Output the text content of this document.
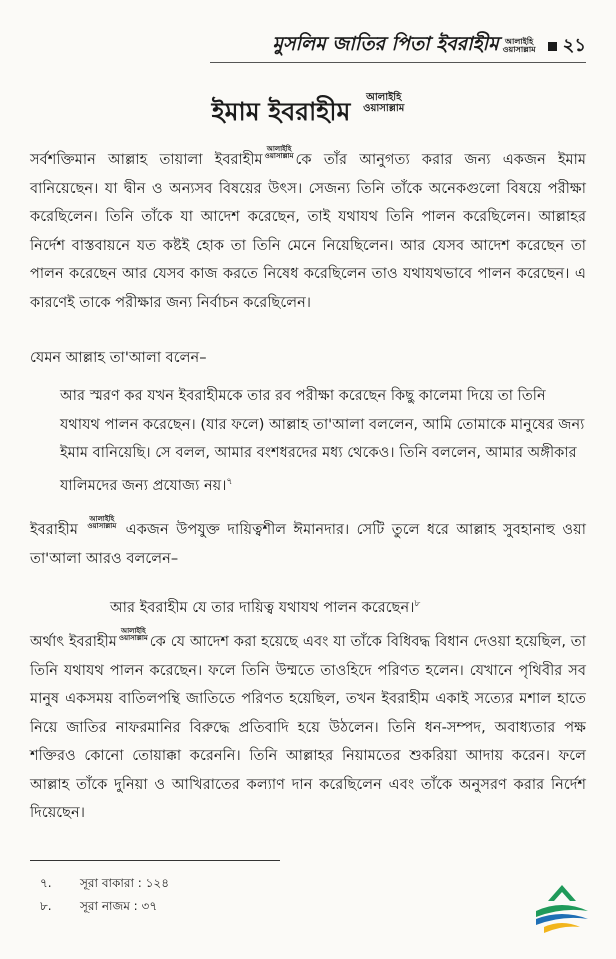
মুসলিম জাতির পিতা ইবরাহীম আলাইহি
ওয়াসাল্লাম ২১
ইমাম ইবরাহীম আলাইহি
ওয়াসাল্লাম
সর্বশক্তিমান আল্লাহ তায়ালা ইবরাহীমআলাইহি
ওয়াসাল্লাম কে তাঁর আনুগত্য করার জন্য একজন ইমাম বানিয়েছেন। যা দ্বীন ও অন্যসব বিষয়ের উৎস। সেজন্য তিনি তাঁকে অনেকগুলো বিষয়ে পরীক্ষা করেছিলেন। তিনি তাঁকে যা আদেশ করেছেন, তাই যথাযথ তিনি পালন করেছিলেন। আল্লাহর নির্দেশ বাস্তবায়নে যত কষ্টই হোক তা তিনি মেনে নিয়েছিলেন। আর যেসব আদেশ করেছেন তা পালন করেছেন আর যেসব কাজ করতে নিষেধ করেছিলেন তাও যথাযথভাবে পালন করেছেন। এ কারণেই তাকে পরীক্ষার জন্য নির্বাচন করেছিলেন।
যেমন আল্লাহ তা'আলা বলেন–
আর স্মরণ কর যখন ইবরাহীমকে তার রব পরীক্ষা করেছেন কিছু কালেমা দিয়ে তা তিনি যথাযথ পালন করেছেন। (যার ফলে) আল্লাহ তা'আলা বললেন, আমি তোমাকে মানুষের জন্য ইমাম বানিয়েছি। সে বলল, আমার বংশধরদের মধ্য থেকেও। তিনি বললেন, আমার অঙ্গীকার যালিমদের জন্য প্রযোজ্য নয়।$^৭$
ইবরাহীম আলাইহি
ওয়াসাল্লাম একজন উপযুক্ত দায়িত্বশীল ঈমানদার। সেটি তুলে ধরে আল্লাহ সুবহানাহু ওয়া তা'আলা আরও বললেন–
আর ইবরাহীম যে তার দায়িত্ব যথাযথ পালন করেছেন।$^৮$
অর্থাৎ ইবরাহীমআলাইহি
ওয়াসাল্লাম কে যে আদেশ করা হয়েছে এবং যা তাঁকে বিধিবদ্ধ বিধান দেওয়া হয়েছিল, তা তিনি যথাযথ পালন করেছেন। ফলে তিনি উম্মতে তাওহিদে পরিণত হলেন। যেখানে পৃথিবীর সব মানুষ একসময় বাতিলপন্থি জাতিতে পরিণত হয়েছিল, তখন ইবরাহীম একাই সত্যের মশাল হাতে নিয়ে জাতির নাফরমানির বিরুদ্ধে প্রতিবাদি হয়ে উঠলেন। তিনি ধন-সম্পদ, অবাধ্যতার পক্ষ শক্তিরও কোনো তোয়াক্কা করেননি। তিনি আল্লাহর নিয়ামতের শুকরিয়া আদায় করেন। ফলে আল্লাহ তাঁকে দুনিয়া ও আখিরাতের কল্যাণ দান করেছিলেন এবং তাঁকে অনুসরণ করার নির্দেশ দিয়েছেন।
৭. সূরা বাকারা : ১২৪
৮. সূরা নাজম : ৩৭
